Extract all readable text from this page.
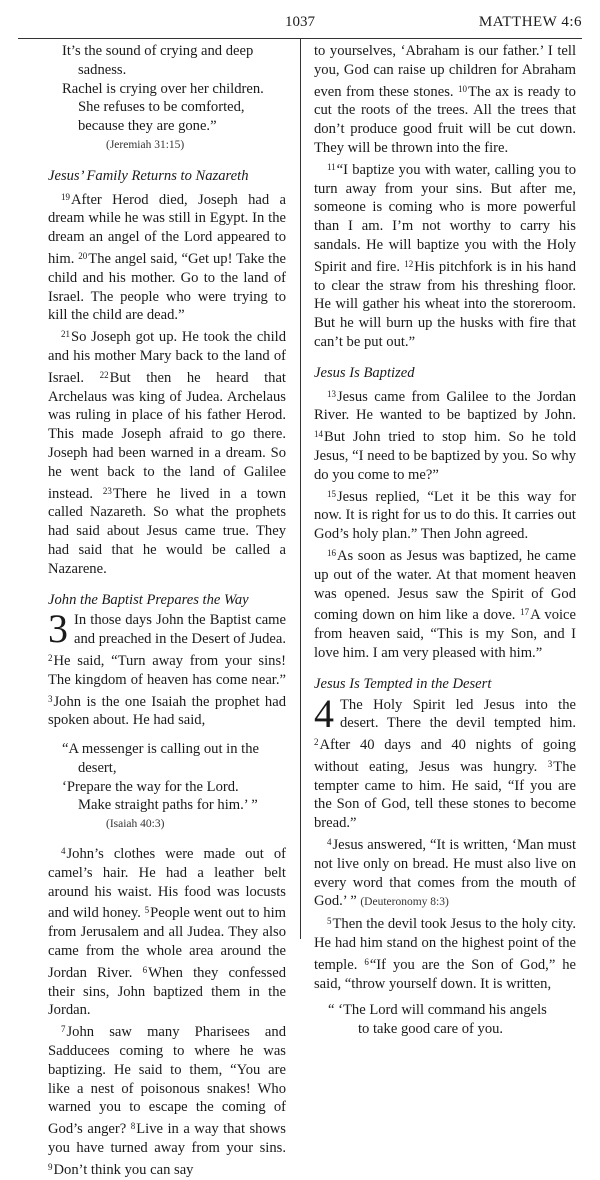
1037	MATTHEW 4:6
It’s the sound of crying and deep
sadness.
Rachel is crying over her children.
She refuses to be comforted,
because they are gone.”
(Jeremiah 31:15)
Jesus’ Family Returns to Nazareth

$^{19}$After Herod died, Joseph had a dream while he was still in Egypt. In the dream an angel of the Lord appeared to him. $^{20}$The angel said, “Get up! Take the child and his mother. Go to the land of Israel. The people who were trying to kill the child are dead.”

$^{21}$So Joseph got up. He took the child and his mother Mary back to the land of Israel. $^{22}$But then he heard that Archelaus was king of Judea. Archelaus was ruling in place of his father Herod. This made Joseph afraid to go there. Joseph had been warned in a dream. So he went back to the land of Galilee instead. $^{23}$There he lived in a town called Nazareth. So what the prophets had said about Jesus came true. They had said that he would be called a Nazarene.

John the Baptist Prepares the Way

3 In those days John the Baptist came and preached in the Desert of Judea. $^2$He said, “Turn away from your sins! The kingdom of heaven has come near.” $^3$John is the one Isaiah the prophet had spoken about. He had said,

“A messenger is calling out in the
desert,
‘Prepare the way for the Lord.
Make straight paths for him.’ ”
(Isaiah 40:3)

$^4$John’s clothes were made out of camel’s hair. He had a leather belt around his waist. His food was locusts and wild honey. $^5$People went out to him from Jerusalem and all Judea. They also came from the whole area around the Jordan River. $^6$When they confessed their sins, John baptized them in the Jordan.

$^7$John saw many Pharisees and Sadducees coming to where he was baptizing. He said to them, “You are like a nest of poisonous snakes! Who warned you to escape the coming of God’s anger? $^8$Live in a way that shows you have turned away from your sins. $^9$Don’t think you can say

to yourselves, ‘Abraham is our father.’ I tell you, God can raise up children for Abraham even from these stones. $^{10}$The ax is ready to cut the roots of the trees. All the trees that don’t produce good fruit will be cut down. They will be thrown into the fire.

$^{11}$“I baptize you with water, calling you to turn away from your sins. But after me, someone is coming who is more powerful than I am. I’m not worthy to carry his sandals. He will baptize you with the Holy Spirit and fire. $^{12}$His pitchfork is in his hand to clear the straw from his threshing floor. He will gather his wheat into the storeroom. But he will burn up the husks with fire that can’t be put out.”

Jesus Is Baptized

$^{13}$Jesus came from Galilee to the Jordan River. He wanted to be baptized by John. $^{14}$But John tried to stop him. So he told Jesus, “I need to be baptized by you. So why do you come to me?”

$^{15}$Jesus replied, “Let it be this way for now. It is right for us to do this. It carries out God’s holy plan.” Then John agreed.

$^{16}$As soon as Jesus was baptized, he came up out of the water. At that moment heaven was opened. Jesus saw the Spirit of God coming down on him like a dove. $^{17}$A voice from heaven said, “This is my Son, and I love him. I am very pleased with him.”

Jesus Is Tempted in the Desert

4 The Holy Spirit led Jesus into the desert. There the devil tempted him. $^2$After 40 days and 40 nights of going without eating, Jesus was hungry. $^3$The tempter came to him. He said, “If you are the Son of God, tell these stones to become bread.”

$^4$Jesus answered, “It is written, ‘Man must not live only on bread. He must also live on every word that comes from the mouth of God.’ ” (Deuteronomy 8:3)

$^5$Then the devil took Jesus to the holy city. He had him stand on the highest point of the temple. $^6$“If you are the Son of God,” he said, “throw yourself down. It is written,

“ ‘The Lord will command his angels
to take good care of you.
